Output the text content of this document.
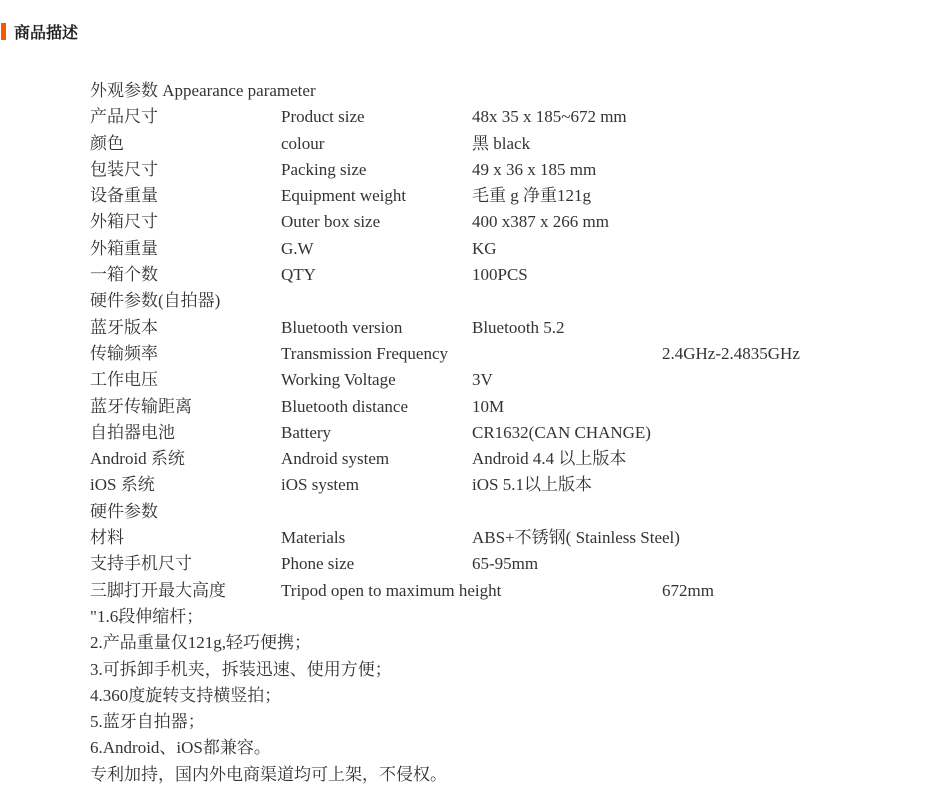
商品描述
外观参数 Appearance parameter
产品尺寸	Product size	48x 35 x 185~672 mm
颜色	colour	黑 black
包装尺寸	Packing size	49 x 36 x 185 mm
设备重量	Equipment weight	毛重 g 净重121g
外箱尺寸	Outer box size	400 x387 x 266 mm
外箱重量	G.W	KG
一箱个数	QTY	100PCS
硬件参数(自拍器)
蓝牙版本	Bluetooth version	Bluetooth 5.2
传输频率	Transmission Frequency	2.4GHz-2.4835GHz
工作电压	Working Voltage	3V
蓝牙传输距离	Bluetooth distance	10M
自拍器电池	Battery	CR1632(CAN CHANGE)
Android 系统	Android system	Android 4.4 以上版本
iOS 系统	iOS system	iOS 5.1以上版本
硬件参数
材料	Materials	ABS+不锈钢( Stainless Steel)
支持手机尺寸	Phone size	65-95mm
三脚打开最大高度	Tripod open to maximum height	672mm
"1.6段伸缩杆；
2.产品重量仅121g,轻巧便携；
3.可拆卸手机夹，拆装迅速、使用方便；
4.360度旋转支持横竖拍；
5.蓝牙自拍器；
6.Android、iOS都兼容。
专利加持，国内外电商渠道均可上架，不侵权。
